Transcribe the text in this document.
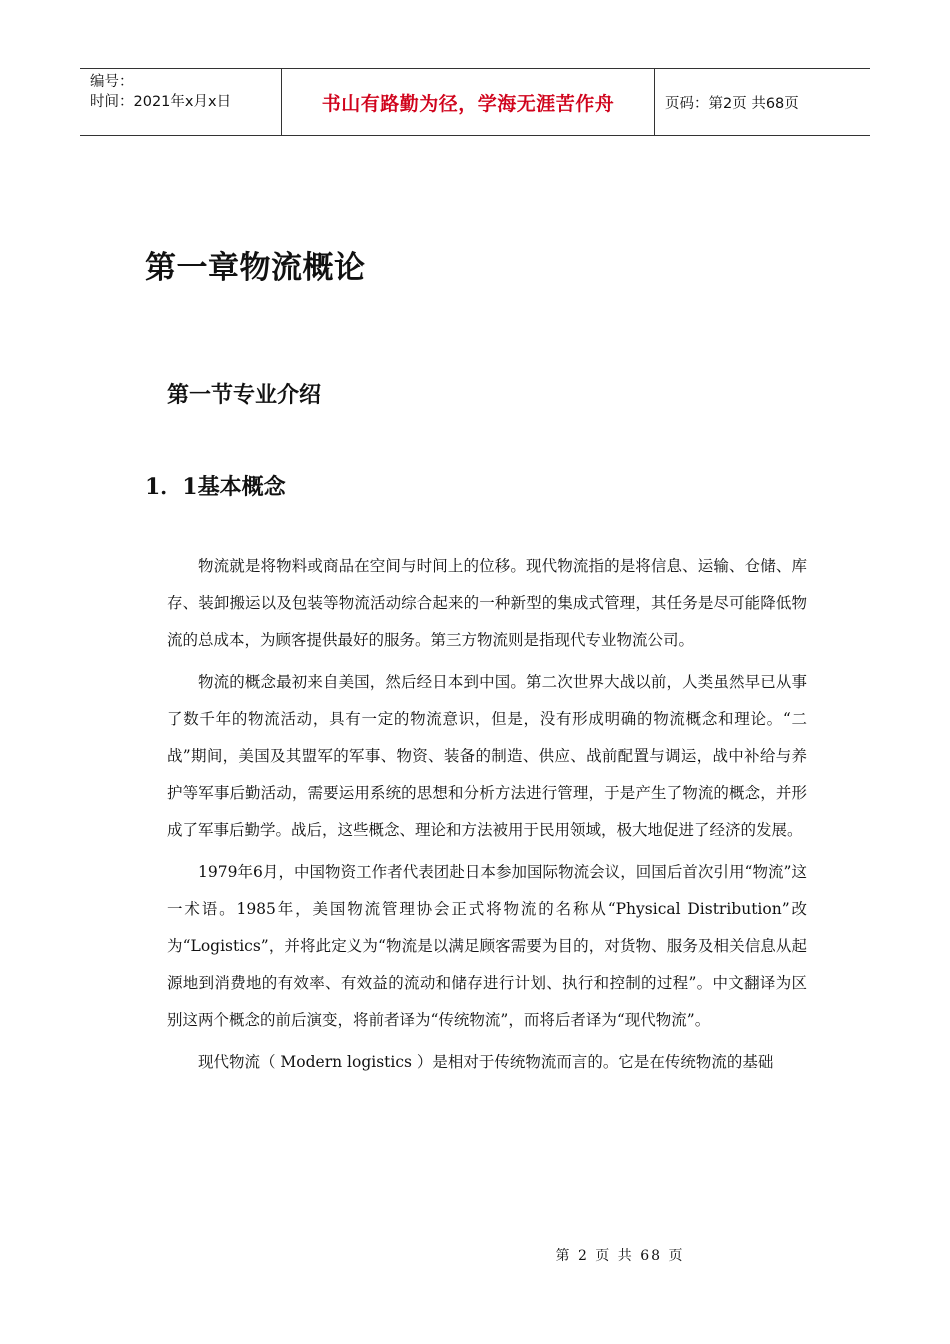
编号：
时间：2021年x月x日	书山有路勤为径，学海无涯苦作舟	页码：第2页 共68页
第一章物流概论
第一节专业介绍
1．1基本概念

物流就是将物料或商品在空间与时间上的位移。现代物流指的是将信息、运输、仓储、库存、装卸搬运以及包装等物流活动综合起来的一种新型的集成式管理，其任务是尽可能降低物流的总成本，为顾客提供最好的服务。第三方物流则是指现代专业物流公司。

物流的概念最初来自美国，然后经日本到中国。第二次世界大战以前，人类虽然早已从事了数千年的物流活动，具有一定的物流意识，但是，没有形成明确的物流概念和理论。“二战”期间，美国及其盟军的军事、物资、装备的制造、供应、战前配置与调运，战中补给与养护等军事后勤活动，需要运用系统的思想和分析方法进行管理，于是产生了物流的概念，并形成了军事后勤学。战后，这些概念、理论和方法被用于民用领域，极大地促进了经济的发展。

1979年6月，中国物资工作者代表团赴日本参加国际物流会议，回国后首次引用“物流”这一术语。1985年，美国物流管理协会正式将物流的名称从“Physical Distribution”改为“Logistics”，并将此定义为“物流是以满足顾客需要为目的，对货物、服务及相关信息从起源地到消费地的有效率、有效益的流动和储存进行计划、执行和控制的过程”。中文翻译为区别这两个概念的前后演变，将前者译为“传统物流”，而将后者译为“现代物流”。

现代物流（ Modern logistics ）是相对于传统物流而言的。它是在传统物流的基础

第 2 页 共 68 页
